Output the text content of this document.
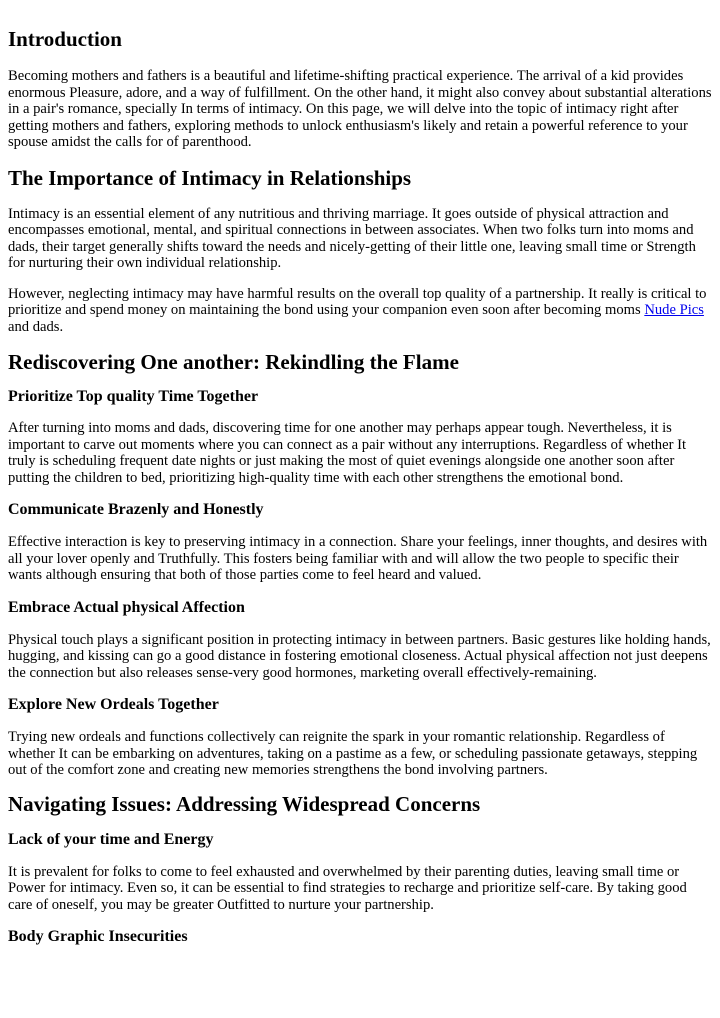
Introduction

Becoming mothers and fathers is a beautiful and lifetime-shifting practical experience. The arrival of a kid provides enormous Pleasure, adore, and a way of fulfillment. On the other hand, it might also convey about substantial alterations in a pair's romance, specially In terms of intimacy. On this page, we will delve into the topic of intimacy right after getting mothers and fathers, exploring methods to unlock enthusiasm's likely and retain a powerful reference to your spouse amidst the calls for of parenthood.

The Importance of Intimacy in Relationships

Intimacy is an essential element of any nutritious and thriving marriage. It goes outside of physical attraction and encompasses emotional, mental, and spiritual connections in between associates. When two folks turn into moms and dads, their target generally shifts toward the needs and nicely-getting of their little one, leaving small time or Strength for nurturing their own individual relationship.

However, neglecting intimacy may have harmful results on the overall top quality of a partnership. It really is critical to prioritize and spend money on maintaining the bond using your companion even soon after becoming moms Nude Pics and dads.

Rediscovering One another: Rekindling the Flame
Prioritize Top quality Time Together

After turning into moms and dads, discovering time for one another may perhaps appear tough. Nevertheless, it is important to carve out moments where you can connect as a pair without any interruptions. Regardless of whether It truly is scheduling frequent date nights or just making the most of quiet evenings alongside one another soon after putting the children to bed, prioritizing high-quality time with each other strengthens the emotional bond.

Communicate Brazenly and Honestly

Effective interaction is key to preserving intimacy in a connection. Share your feelings, inner thoughts, and desires with all your lover openly and Truthfully. This fosters being familiar with and will allow the two people to specific their wants although ensuring that both of those parties come to feel heard and valued.

Embrace Actual physical Affection

Physical touch plays a significant position in protecting intimacy in between partners. Basic gestures like holding hands, hugging, and kissing can go a good distance in fostering emotional closeness. Actual physical affection not just deepens the connection but also releases sense-very good hormones, marketing overall effectively-remaining.

Explore New Ordeals Together

Trying new ordeals and functions collectively can reignite the spark in your romantic relationship. Regardless of whether It can be embarking on adventures, taking on a pastime as a few, or scheduling passionate getaways, stepping out of the comfort zone and creating new memories strengthens the bond involving partners.

Navigating Issues: Addressing Widespread Concerns
Lack of your time and Energy

It is prevalent for folks to come to feel exhausted and overwhelmed by their parenting duties, leaving small time or Power for intimacy. Even so, it can be essential to find strategies to recharge and prioritize self-care. By taking good care of oneself, you may be greater Outfitted to nurture your partnership.

Body Graphic Insecurities
